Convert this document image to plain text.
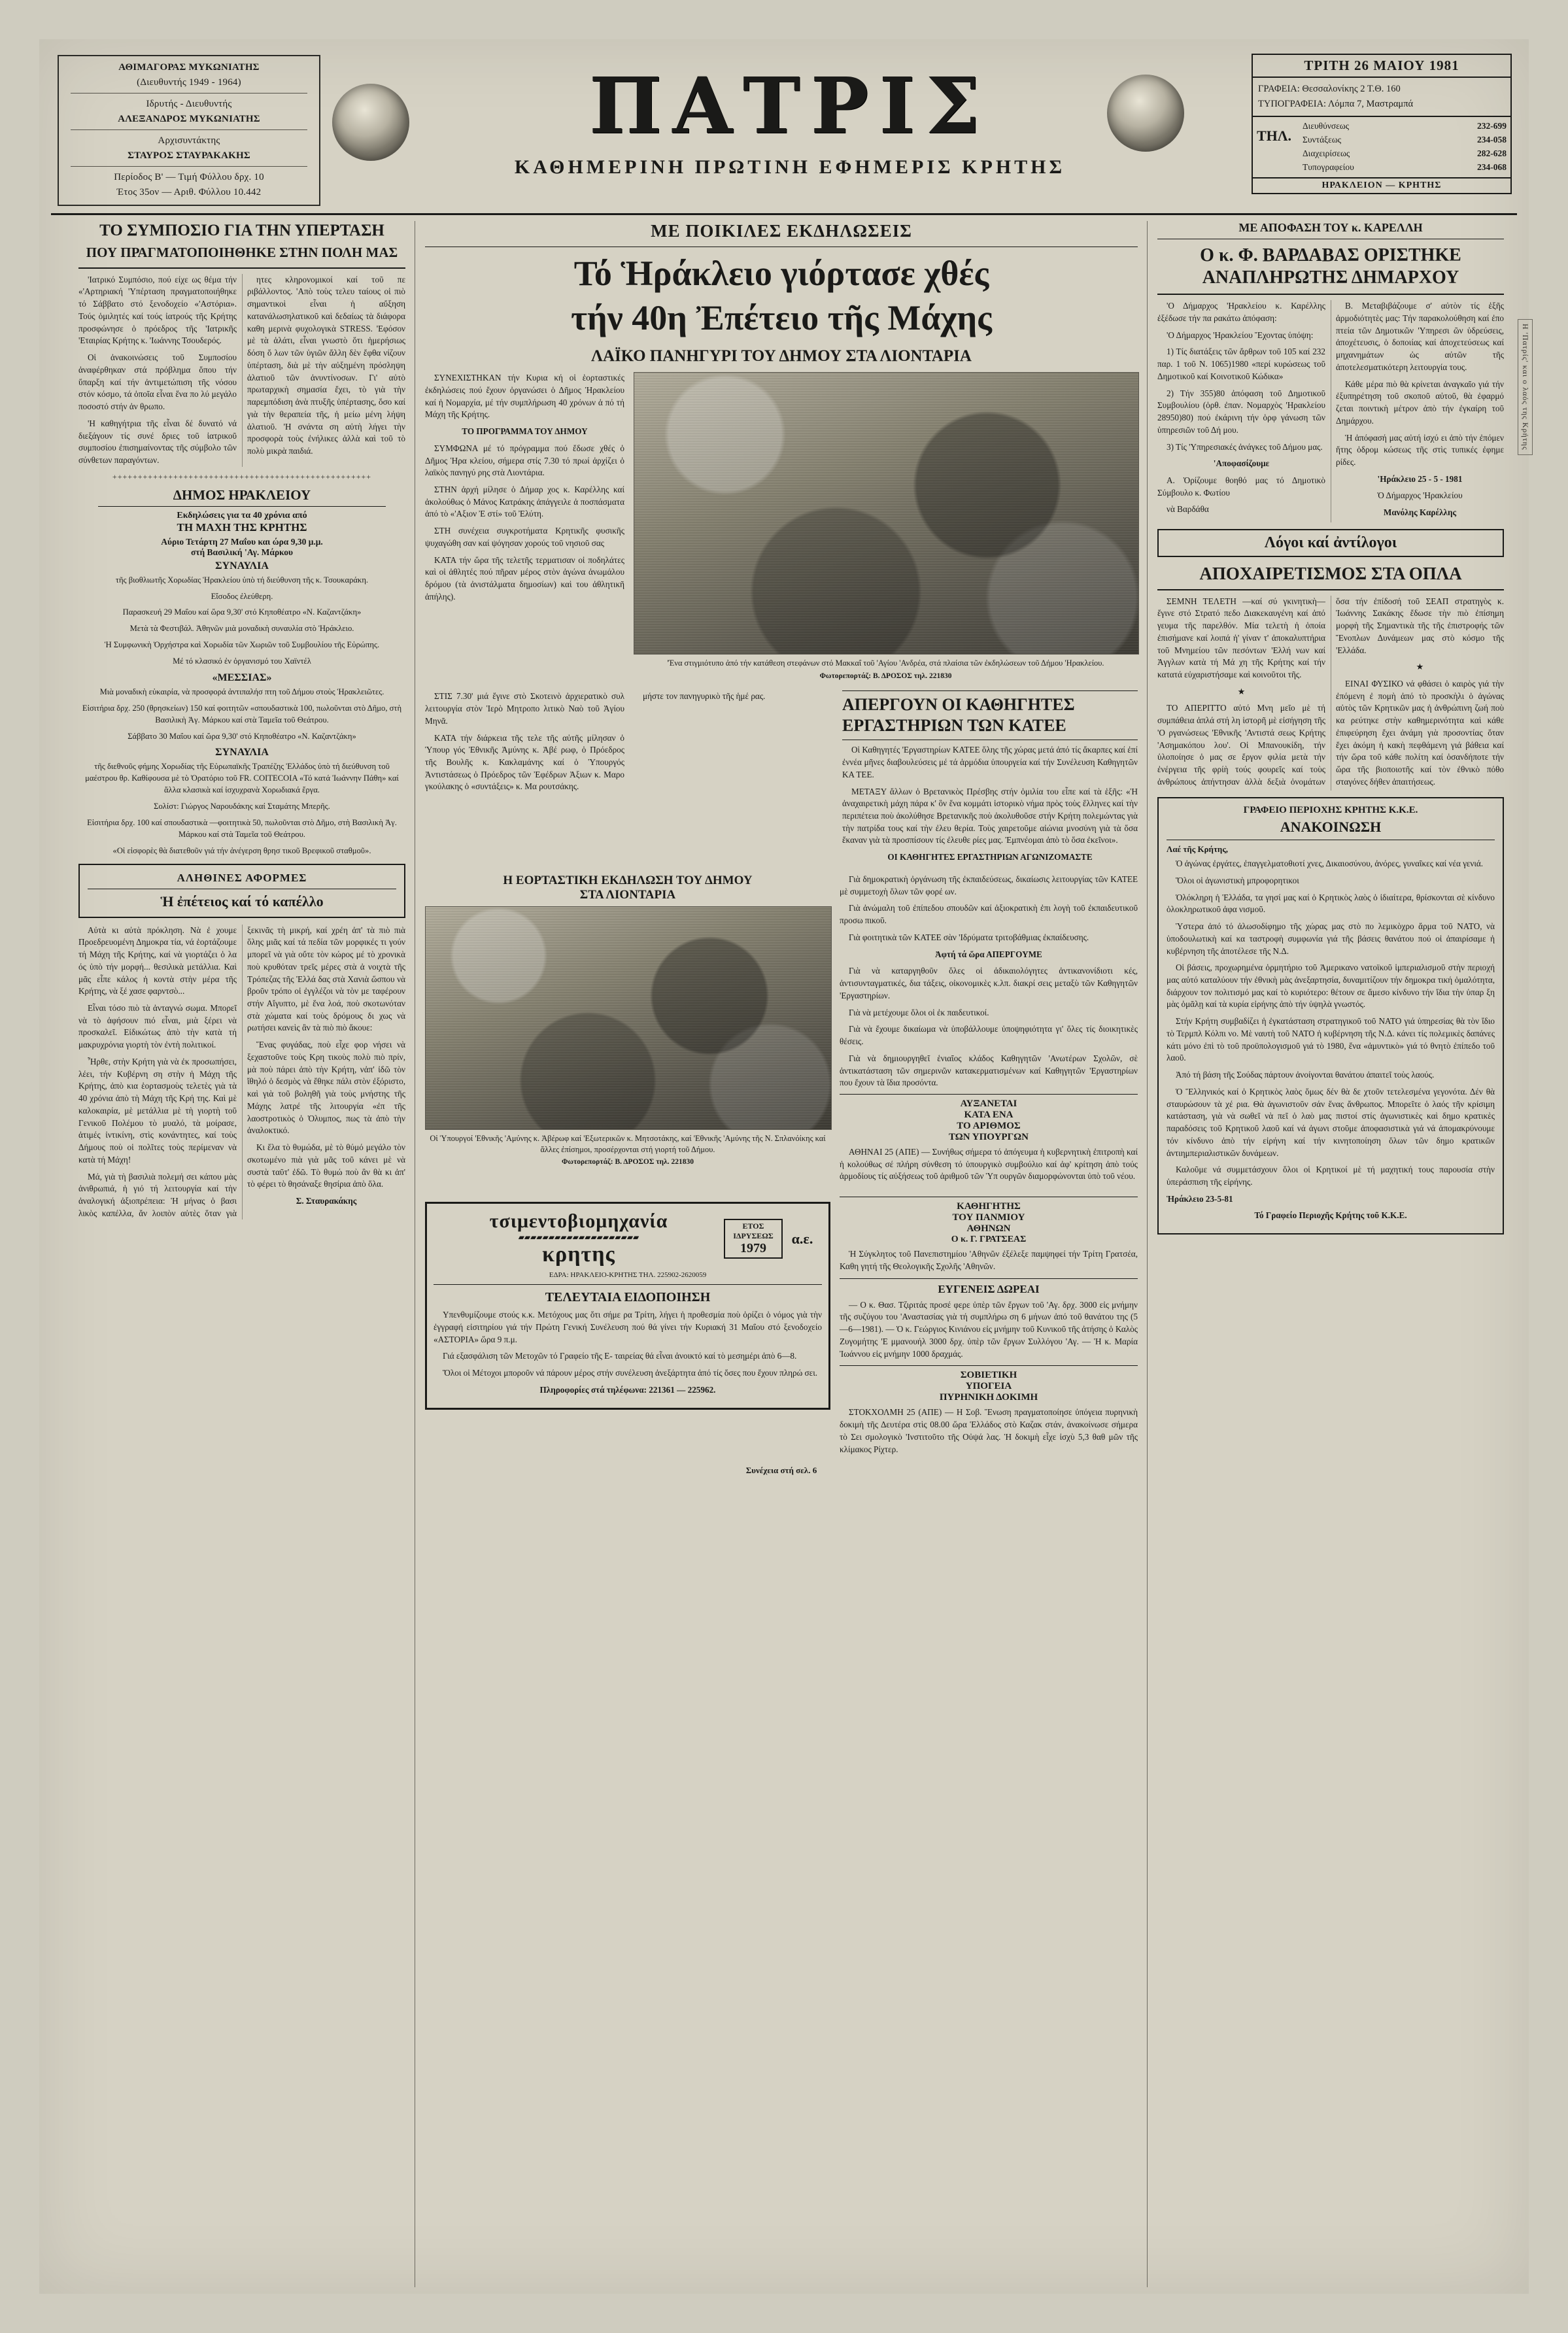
ΑΘΙΜΑΓΟΡΑΣ ΜΥΚΩΝΙΑΤΗΣ
(Διευθυντής 1949 - 1964)
Ιδρυτής - Διευθυντής
ΑΛΕΞΑΝΔΡΟΣ ΜΥΚΩΝΙΑΤΗΣ
Αρχισυντάκτης
ΣΤΑΥΡΟΣ ΣΤΑΥΡΑΚΑΚΗΣ
Περίοδος Β' — Τιμή Φύλλου δρχ. 10
Έτος 35ον — Αριθ. Φύλλου 10.442
ΠΑΤΡΙΣ
ΚΑΘΗΜΕΡΙΝΗ ΠΡΩΤΙΝΗ ΕΦΗΜΕΡΙΣ ΚΡΗΤΗΣ
ΤΡΙΤΗ 26 ΜΑΙΟΥ 1981
ΓΡΑΦΕΙΑ: Θεσσαλονίκης 2 Τ.Θ. 160
ΤΥΠΟΓΡΑΦΕΙΑ: Λόμπα 7, Μαστραμπά
ΤΗΛ.
Διευθύνσεως	232-699
Συντάξεως	234-058
Διαχειρίσεως	282-628
Τυπογραφείου	234-068
ΗΡΑΚΛΕΙΟΝ — ΚΡΗΤΗΣ
ΤΟ ΣΥΜΠΟΣΙΟ ΓΙΑ ΤΗΝ ΥΠΕΡΤΑΣΗ
ΠΟΥ ΠΡΑΓΜΑΤΟΠΟΙΗΘΗΚΕ ΣΤΗΝ ΠΟΛΗ ΜΑΣ

'Ιατρικό Συμπόσιο, πού είχε ως θέμα τήν «'Αρτηριακή 'Υπέρταση πραγματοποιήθηκε τό Σάββατο στό ξενοδοχείο «'Αστόρια». Τούς ὁμιλητές καί τούς ἰατρούς τῆς Κρήτης προσφώνησε ὁ πρόεδρος τῆς 'Ιατρικῆς 'Εταιρίας Κρήτης κ. 'Ιωάννης Τσουδερός.

Οἱ ἀνακοινώσεις τοῦ Συμποσίου ἀναφέρθηκαν στά πρόβλημα ὅπου τήν ὕπαρξη καί τήν ἀντιμετώπιση τῆς νόσου στόν κόσμο, τά ὁποῖα εἶναι ἕνα πο λύ μεγάλο ποσοστό στήν ἀν θρωπο.

'Η καθηγήτρια τῆς εἶναι δέ δυνατό νά διεξάγουν τίς συνέ δριες τοῦ ἰατρικοῦ συμποσίου ἐπισημαίνοντας τῆς σύμβολο τῶν σύνθετων παραγόντων.

ητες κληρονομικοί καί τοῦ πε ριβάλλοντος. 'Απὸ τοὺς τελευ ταίους οἱ πιὸ σημαντικοὶ εἶναι ἡ αὔξηση κατανάλωσηλατικοῦ καὶ δεδαίως τὰ διάφορα καθη μερινὰ φυχολογικὰ STRESS. 'Εφόσον μὲ τὰ ἁλάτι, εἶναι γνωστὸ ὅτι ἡμερήσιως δόση ὅ λων τῶν ὑγιῶν ἄλλη δὲν ἔφθα νίζουν ὑπέρταση, διὰ μὲ τὴν αὐξημένη πρόσληψη ἁλατιοῦ τῶν ἀνυντίνοσων. Γι' αὐτὸ πρωταρχικὴ σημασία ἔχει, τὸ γιὰ τὴν παρεμπόδιση ἀνὰ πτυξῆς ὑπέρτασης, ὅσο καί γιὰ τὴν θεραπεία τῆς, ἡ μείω μένη λήψη ἁλατιοῦ. 'Η σνάντα ση αὐτὴ λήγει τὴν προσφορὰ τοὺς ἐνήλικες ἀλλὰ καὶ τοῦ τὸ πολὺ μικρὰ παιδιά.

+++++++++++++++++++++++++++++++++++++++++++++++++++
ΔΗΜΟΣ ΗΡΑΚΛΕΙΟΥ
Εκδηλώσεις για τα 40 χρόνια από
ΤΗ ΜΑΧΗ ΤΗΣ ΚΡΗΤΗΣ
Αύριο Τετάρτη 27 Μαΐου και ώρα 9,30 μ.μ.
στή Βασιλική 'Αγ. Μάρκου
ΣΥΝΑΥΛΙΑ

τῆς βιοθλιωτῆς Χορωδίας Ἡρακλείου ὑπὸ τή διεύθυνση τῆς κ. Τσουκαράκη.

Εἴσοδος ἐλεύθερη.

Παρασκευή 29 Μαΐου καί ὥρα 9,30' στό Κηποθέατρο «Ν. Καζαντζάκη»

Μετὰ τὰ Φεστιβάλ. Ἀθηνῶν μιὰ μοναδικὴ συναυλία στὸ Ἡράκλειο.

Ἡ Συμφωνικὴ Ὀρχήστρα καὶ Χορωδία τῶν Χωριῶν τοῦ Συμβουλίου τῆς Εὐρώπης.

Μέ τό κλασικό ἐν ὀργανισμό του Χαϊντέλ

«ΜΕΣΣΙΑΣ»

Μιὰ μοναδικὴ εὐκαιρία, νὰ προσφορά ἀντιπαλήσ πτη τοῦ Δήμου στοὺς Ἡρακλειῶτες.

Εἰσιτήρια δρχ. 250 (θρησκείων) 150 καί φοιτητῶν «σπουδαστικὰ 100, πωλοῦνται στὸ Δῆμο, στὴ Βασιλικὴ Ἁγ. Μάρκου καί στὰ Ταμεῖα τοῦ Θεάτρου.

Σάββατο 30 Μαΐου καί ὥρα 9,30' στό Κηποθέατρο «Ν. Καζαντζάκη»

ΣΥΝΑΥΛΙΑ

τῆς διεθνοῦς φήμης Χορωδίας τῆς Εὐρωπαϊκῆς Τραπέζης Ἑλλάδος ὑπὸ τή διεύθυνση τοῦ μαέστρου θρ. Καθίφουσα μὲ τὸ Ὀρατόριο τοῦ FR. COITECOIA «Τό κατά Ἰωάννην Πάθη» καί ἄλλα κλασικὰ καί ἰσχυχρανὰ Χορωδιακά ἔργα.

Σολίστ: Γιώργος Ναρουδάκης καί Σταμάτης Μπερῆς.

Εἰσιτήρια δρχ. 100 καί σπουδαστικὰ —φοιτητικὰ 50, πωλοῦνται στὸ Δῆμο, στὴ Βασιλικὴ Ἁγ. Μάρκου καί στὰ Ταμεῖα τοῦ Θεάτρου.

«Οἱ εἰσφορὲς θὰ διατεθοῦν γιά τήν ἀνέγερση θρησ τικοῦ Βρεφικοῦ σταθμοῦ».

ΑΛΗΘΙΝΕΣ ΑΦΟΡΜΕΣ
Ἡ ἐπέτειος καί τό καπέλλο

Αὐτὰ κι αὐτὰ πρόκληση. Νὰ ἐ χουμε Προεδρευομένη Δημοκρα τία, νά ἑορτάζουμε τή Μάχη τῆς Κρήτης, καί νὰ γιορτάζει ὁ λα ός ὑπὸ τήν μορφή... θεσιλικὰ μετάλλια. Καὶ μᾶς εἶπε κάλος ἡ κοντὰ στὴν μέρα τῆς Κρήτης, νὰ ξέ χασε φαρντσὸ...

Εἶναι τόσο πιὸ τὰ ἀνταγνώ σωμα. Μπορεῖ νὰ τὸ ἀφήσουν πιό εἶναι, μιὰ ξέρει νὰ προσκαλεῖ. Εἰδικώτως ἀπὸ τὴν κατὰ τή μακρυχρόνια γιορτὴ τὸν ἐντὴ πολιτικοί.

Ἦρθε, στὴν Κρήτη γιὰ νὰ ἐκ προσωπήσει, λέει, τήν Κυβέρνη ση στὴν ἡ Μάχη τῆς Κρήτης, ἀπὸ κια ἑορτασμοὺς τελετὲς γιὰ τὰ 40 χρόνια ἀπὸ τὴ Μάχη τῆς Κρή της. Καὶ μὲ καλοκαιρία, μὲ μετάλλια μὲ τὴ γιορτὴ τοῦ Γενικοῦ Πολέμου τὸ μυαλό, τὰ μοίρασε, ἀτιμές ἰντικίνη, στὶς κονάντητες, καί τοὺς Δήμους ποὺ οἱ πολῖτες τοὺς περίμεναν νὰ κατὰ τή Μάχη!

Μά, γιὰ τὴ βασιλιὰ πολεμή σει κάπου μὰς ἀνιθρωπιά, ἡ γιό τή λειτουργία καί τὴν ἀναλογική ἀξιοπρέπεια: Ἡ μήνας ὁ βασι λικὸς καπέλλα, ἄν λοιπὸν αὐτὲς ὅταν γιὰ ξεκινᾶς τὴ μικρή, καί χρέη ἀπ' τὰ πιὸ πιὰ ὅλης μιᾶς καί τά πεδία τῶν μορφικές τι γούν μπορεῖ νὰ γιὰ οὔτε τὸν κώρος μέ τὸ χρονικὰ ποὺ κρυθόταν τρεῖς μέρες στὰ ἀ νοιχτὰ τῆς Τρόπεζας τῆς Ἑλλά δας στὰ Χανιὰ ὥσπου νὰ βροῦν τρόπο οἱ ἐγγλέζοι νὰ τὸν με ταφέρουν στήν Αἴγυπτο, μὲ ἕνα λοά, ποὺ σκοτωνόταν στὰ χώματα καί τοὺς δρόμους δι χως νὰ ρωτήσει κανεὶς ἂν τὰ πιὸ πιὸ ἄκουε:

Ἕνας φυγάδας, ποὺ εἶχε φορ νήσει νὰ ξεχαστοῦνε τοὺς Κρη τικοὺς πολὺ πιὸ πρίν, μὰ ποὺ πάρει ἀπὸ τὴν Κρήτη, νἀπ' ἰδῶ τὸν ἴθηλό ὁ δεσμὸς νὰ ἔθηκε πάλι στὸν ἐξόριστο, καὶ γιὰ τοῦ βοληθῆ γιὰ τοὺς μνήστης τῆς Μάχης λατρέ τῆς λιτουργία «ἐπ τῆς λαοστροτικὸς ὁ Ὀλυμπος, πως τὰ ἀπὸ τὴν ἀναλοκτικό.

Κι ἔλα τὸ θυμώδα, μὲ τὸ θύμό μεγάλο τὸν σκοτωμένο πιὰ γιὰ μᾶς τοῦ κάνει μὲ νὰ συστὰ ταῦτ' ἐδῶ. Τὸ θυμώ ποὺ ἂν θὰ κι ἀπ' τὸ φέρει τὸ θησάναξε θησίρια ἀπὸ ὅλα.

Σ. Σταυρακάκης

ΜΕ ΠΟΙΚΙΛΕΣ ΕΚΔΗΛΩΣΕΙΣ
Τό Ἡράκλειο γιόρτασε χθές
τήν 40η Ἐπέτειο τῆς Μάχης
ΛΑΪΚΟ ΠΑΝΗΓΥΡΙ ΤΟΥ ΔΗΜΟΥ ΣΤΑ ΛΙΟΝΤΑΡΙΑ

ΣΥΝΕΧΙΣΤΗΚΑΝ τήν Κυρια κή οἱ ἑορταστικές ἐκδηλώσεις πού ἔχουν ὀργανώσει ὁ Δῆμος Ἡρακλείου καί ἡ Νομαρχία, μέ τήν συμπλήρωση 40 χρόνων ἀ πό τή Μάχη τῆς Κρήτης.

ΤΟ ΠΡΟΓΡΑΜΜΑ ΤΟΥ ΔΗΜΟΥ

ΣΥΜΦΩΝΑ μέ τό πρόγραμμα πού ἔδωσε χθές ὁ Δῆμος Ἡρα κλείου, σήμερα στίς 7.30 τό πρωί ἀρχίζει ὁ λαϊκὸς πανηγύ ρης στὰ Λιοντάρια.

ΣΤΗΝ ἀρχή μίλησε ὁ Δήμαρ χος κ. Καρέλλης καί ἀκολούθως ὁ Μάνος Κατράκης ἀπάγγειλε ἀ ποσπάσματα ἀπό τὸ «'Αξιον Ἐ στί» τοῦ Ἐλύτη.

ΣΤΗ συνέχεια συγκροτήματα Κρητικῆς φυσικῆς ψυχαγώθη σαν καί ψόγησαν χορούς τοῦ νησιοῦ σας

ΚΑΤΑ τήν ὥρα τῆς τελετῆς τερματισαν οἱ ποδηλάτες καὶ οἱ ἀθλητές πού πῆραν μέρος στὸν ἀγώνα ἀνωμάλου δρόμου (τὰ ἀνιστάλματα δημοσίων) καὶ του ἀθλητικῆ ἀπήλης).

'Ένα στιγμιότυπο ἀπό τήν κατάθεση στεφάνων στό Μακκαΐ τοῦ 'Αγίου 'Ανδρέα, στά πλαίσια τῶν ἐκδηλώσεων τοῦ Δήμου 'Ηρακλείου.
Φωτορεπορτάζ: Β. ΔΡΟΣΟΣ τηλ. 221830

ΣΤΙΣ 7.30' μιά ἔγινε στὸ Σκοτεινὸ ἀρχιερατικὸ συλ λειτουργία στὸν Ἱερὸ Μητροπο λιτικὸ Ναὸ τοῦ Ἁγίου Μηνᾶ.

ΚΑΤΑ τήν διάρκεια τῆς τελε τῆς αὐτῆς μίλησαν ὁ Ὑπουρ γός Ἐθνικῆς Ἀμύνης κ. Ἀβέ ρωφ, ὁ Πρόεδρος τῆς Βουλῆς κ. Κακλαμάνης καί ὁ Ὑπουργός Ἀντιστάσεως ὁ Πρόεδρος τῶν Ἐφέδρων Ἀξιων κ. Μαρο γκούλακης ὁ «συντάξεις» κ. Μα ρουτσάκης.

μήστε τον πανηγυρικὸ τῆς ἡμέ ρας.	ΑΠΕΡΓΟΥΝ ΟΙ ΚΑΘΗΓΗΤΕΣ
ΕΡΓΑΣΤΗΡΙΩΝ ΤΩΝ ΚΑΤΕΕ

Οἱ Καθηγητές 'Εργαστηρίων ΚΑΤΕΕ ὅλης τῆς χώρας μετά ἀπό τίς ἄκαρπες καί ἐπί ἐννέα μῆνες διαβουλεύσεις μέ τά ἁρμόδια ὑπουργεία καί τήν Συνέλευση Καθηγητῶν ΚΑ ΤΕΕ.

ΜΕΤΑΞΥ ἄλλων ὁ Βρετανικὸς Πρέσβης στήν ὁμιλία του εἶπε καί τὰ ἑξῆς: «Ἡ ἀναχαιρετικὴ μάχη πάρα κ' ὃν ἕνα κομμάτι ἱστορικὸ νήμα πρὸς τοὺς ἕλληνες καί τὴν περιπέτεια ποὺ ἀκολύθησε Βρετανικῆς ποὺ ἀκολυθοῦσε στήν Κρήτη πολεμώντας γιὰ τὴν πατρίδα τους καί τὴν ἐλευ θερία. Τοὺς χαιρετοῦμε αἰώνια μνοσύνη γιὰ τὰ ὅσα ἔκαναν γιὰ τὰ προσπίσουν τίς ἐλευθε ρίες μας. Ἐμπνέομαι ἀπὸ τὸ ὅσα ἐκεῖνοι».

ΟΙ ΚΑΘΗΓΗΤΕΣ ΕΡΓΑΣΤΗΡΙΩΝ ΑΓΩΝΙΖΟΜΑΣΤΕ

Η ΕΟΡΤΑΣΤΙΚΗ ΕΚΔΗΛΩΣΗ ΤΟΥ ΔΗΜΟΥ
ΣΤΑ ΛΙΟΝΤΑΡΙΑ
Οἱ Ὑπουργοί 'Εθνικῆς 'Αμύνης κ. Ἀβέρωφ καί 'Εξωτερικῶν κ. Μητσοτάκης, καί 'Εθνικῆς 'Αμύνης τῆς Ν. Σπλανόίκης καί ἄλλες ἐπίσημοι, προσέρχονται στή γιορτή τοῦ Δήμου.
Φωτορεπορτάζ: Β. ΔΡΟΣΟΣ τηλ. 221830

Γιὰ δημοκρατικὴ ὀργάνωση τῆς ἐκπαιδεύσεως, δικαίωσις λειτουργίας τῶν ΚΑΤΕΕ μὲ συμμετοχὴ ὅλων τῶν φορέ ων.

Γιὰ ἀνώμαλη τοῦ ἐπίπεδου σπουδῶν καί ἀξιοκρατικὴ ἐπι λογὴ τοῦ ἐκπαιδευτικοῦ προσω πικοῦ.

Γιὰ φοιτητικὰ τῶν ΚΑΤΕΕ σὰν 'Ιδρύματα τριτοβάθμιας ἐκπαίδευσης.

Ἀφτή τά ὥρα ΑΠΕΡΓΟΥΜΕ

Γιὰ νὰ καταργηθοῦν ὅλες οἱ ἀδικαιολόγητες ἀντικανονίδιοτι κές, ἀντισυνταγματικές, δια τάξεις, οἰκονομικὲς κ.λπ. διακρί σεις μεταξὺ τῶν Καθηγητῶν 'Εργαστηρίων.

Γιὰ νὰ μετέχουμε ὅλοι οἱ ἐκ παιδευτικοί.

Γιὰ νὰ ἔχουμε δικαίωμα νὰ ὑποβάλλουμε ὑποψηφιότητα γι' ὅλες τίς διοικητικὲς θέσεις.

Γιὰ νὰ δημιουργηθεῖ ἑνιαῖος κλάδος Καθηγητῶν 'Ανωτέρων Σχολῶν, σὲ ἀντικατάσταση τῶν σημερινῶν κατακερματισμένων καί Καθηγητῶν 'Εργαστηρίων που ἔχουν τὰ ἴδια προσόντα.

ΑΥΞΑΝΕΤΑΙ
ΚΑΤΑ ΕΝΑ
ΤΟ ΑΡΙΘΜΟΣ
ΤΩΝ ΥΠΟΥΡΓΩΝ

ΑΘΗΝΑΙ 25 (ΑΠΕ) — Συνήθως σήμερα τό ἀπόγευμα ἡ κυβερνητικὴ ἐπιτροπὴ καί ἡ κολούθως σέ πλήρη σύνθεση τό ὑπουργικὸ συμβούλιο καί ἀφ' κρίτηση ἀπὸ τούς ἀρμοδίους τίς αὐξήσεως τοῦ ἀριθμοῦ τῶν Ὑπ ουργῶν διαμορφώνονται ὑπὸ τοῦ νέου.

τσιμεντοβιομηχανία
▰▰▰▰▰▰▰▰▰▰▰▰▰▰▰▰▰▰▰▰
κρητης
ΕΤΟΣ ΙΔΡΥΣΕΩΣ
1979
α.ε.
ΕΔΡΑ: ΗΡΑΚΛΕΙΟ-ΚΡΗΤΗΣ ΤΗΛ. 225902-2620059
ΤΕΛΕΥΤΑΙΑ ΕΙΔΟΠΟΙΗΣΗ

Υπενθυμίζουμε στούς κ.κ. Μετόχους μας ὅτι σήμε ρα Τρίτη, λήγει ἡ προθεσμία ποὺ ὁρίζει ὁ νόμος γιὰ τὴν ἐγγραφή εἰσιτηρίου γιά τήν Πρώτη Γενική Συνέλευση πού θά γίνει τήν Κυριακή 31 Μαΐου στό ξενοδοχείο «ΑΣΤΟΡΙΑ» ὥρα 9 π.μ.

Γιά εξασφάλιση τῶν Μετοχῶν τό Γραφείο τῆς Ε- ταιρείας θά εἶναι ἀνοικτό καί τὸ μεσημέρι ἀπὸ 6—8.

Ὅλοι οἱ Μέτοχοι μποροῦν νά πάρουν μέρος στήν συνέλευση ἀνεξάρτητα ἀπό τίς ὅσες που ἔχουν πληρώ σει.

Πληροφορίες στά τηλέφωνα: 221361 — 225962.

ΚΑΘΗΓΗΤΗΣ
ΤΟΥ ΠΑΝΜΙΟΥ
ΑΘΗΝΩΝ
Ο κ. Γ. ΓΡΑΤΣΕΑΣ

Ἡ Σύγκλητος τοῦ Πανεπιστημίου 'Αθηνῶν ἐξέλεξε παμψηφεί τήν Τρίτη Γρατσέα, Καθη γητή τῆς Θεολογικῆς Σχολῆς 'Αθηνῶν.

ΕΥΓΕΝΕΙΣ ΔΩΡΕΑΙ

— Ο κ. Θασ. Τζιριτάς προσέ φερε ὑπὲρ τῶν ἔργων τοῦ 'Αγ. δρχ. 3000 εἰς μνήμην τῆς συζύγου του 'Αναστασίας γιὰ τή συμπλήρω ση 6 μήνων ἀπό τοῦ θανάτου της (5—6—1981). — Ὁ κ. Γεώργιος Κινιάνου εἰς μνήμην τοῦ Κυνικοῦ τῆς ἀτήσης ὁ Καλὸς Ζυγομήτης 'Ε μμανουήλ 3000 δρχ. ὑπὲρ τῶν ἔργων Συλλόγου 'Αγ. — Ἡ κ. Μαρία Ἰωάννου εἰς μνήμην 1000 δραχμάς.

ΣΟΒΙΕΤΙΚΗ
ΥΠΟΓΕΙΑ
ΠΥΡΗΝΙΚΗ ΔΟΚΙΜΗ

ΣΤΟΚΧΟΛΜΗ 25 (ΑΠΕ) — Η Σοβ. Ἕνωση πραγματοποίησε ὑπόγεια πυρηνικὴ δοκιμὴ τῆς Δευτέρα στὶς 08.00 ὥρα Ἑλλάδος στὸ Καζακ στάν, ἀνακοίνωσε σήμερα τὸ Σει σμολογικὸ 'Ινστιτοῦτο τῆς Οὐψά λας. Ἡ δοκιμὴ εἶχε ἰσχὺ 5,3 θαθ μῶν τῆς κλίμακος Ρίχτερ.

Συνέχεια στή σελ. 6
Η 'Πατρίς' και ο λαός της Κρήτης
ΜΕ ΑΠΟΦΑΣΗ ΤΟΥ κ. ΚΑΡΕΛΛΗ
Ο κ. Φ. ΒΑΡΔΑΒΑΣ ΟΡΙΣΤΗΚΕ
ΑΝΑΠΛΗΡΩΤΗΣ ΔΗΜΑΡΧΟΥ

'Ο Δήμαρχος 'Ηρακλείου κ. Καρέλλης ἐξέδωσε τήν πα ρακάτω ἀπόφαση:

'Ο Δήμαρχος 'Ηρακλείου Ἔχοντας ὑπόψη:

1) Τίς διατάξεις τῶν ἄρθρων τοῦ 105 καί 232 παρ. 1 τοῦ Ν. 1065)1980 «περί κυρώσεως τοῦ Δημοτικοῦ καί Κοινοτικοῦ Κώδικα»

2) Τήν 355)80 ἀπόφαση τοῦ Δημοτικοῦ Συμβουλίου (ὁρθ. ἐπαν. Νομαρχὸς 'Ηρακλείου 28950)80) πού ἐκάρινη τήν ὁρφ γάνωση τῶν ὑπηρεσιῶν τοῦ Δή μου.

3) Τίς 'Υπηρεσιακές ἀνάγκες τοῦ Δήμου μας.

'Αποφασίζουμε

Α. Ὁρίζουμε θοηθό μας τό Δημοτικὸ Σύμβουλο κ. Φωτίου

νὰ Βαρδάθα

Β. Μεταβιβάζουμε σ' αὐτὸν τίς ἑξῆς ἀρμοδιότητὲς μας: Τήν παρακολούθηση καί ἐπο πτεία τῶν Δημοτικῶν 'Υπηρεσι ῶν ὑδρεύσεις, ἀποχέτευσις, ὁ δοποιίας καί ἀποχετεύσεως καί μηχανημάτων ὡς αὐτῶν τῆς ἀποτελεσματικότερη λειτουργία τους.

Κάθε μέρα πιὸ θὰ κρίνεται ἀναγκαῖο γιά τήν ἐξυπηρέτηση τοῦ σκοποῦ αὐτοῦ, θὰ ἐφαρμό ζεται ποιντικὴ μέτρον ἀπὸ τήν ἐγκαίρη τοῦ Δημάρχου.

Ἡ ἀπόφασή μας αὐτή ἰσχύ ει ἀπὸ τήν ἐπόμεν ἥτης ὁδρομ κώσεως τῆς στὶς τυπικές ἐφημε ρίδες.

'Ηράκλειο 25 - 5 - 1981

Ὁ Δήμαρχος 'Ηρακλείου

Μανόλης Καρέλλης

Λόγοι καί ἀντίλογοι
ΑΠΟΧΑΙΡΕΤΙΣΜΟΣ ΣΤΑ ΟΠΛΑ

ΣΕΜΝΗ ΤΕΛΕΤΗ —καί σύ γκινητικὴ— ἔγινε στό Στρατό πεδο Διακεκαυγένη καί ἀπό γευμα τῆς παρελθόν. Μία τελετὴ ἡ ὁποία ἐπισήμανε καί λοιπά ἡ' γίναν τ' ἀποκαλυπτήρια τοῦ Μνημείου τῶν πεσόντων 'Ελλή νων καί Ἀγγλων κατὰ τή Μά χη τῆς Κρήτης καί τήν κατατά εὐχαριστήσαμε καὶ κοινοῦτοι τῆς.

★

ΤΟ ΑΠΕΡΙΤΤΟ αὐτό Μνη μεῖο μὲ τή συμπάθεια ἀπλά στή λη ἱστορῆ μὲ εἰσήγηση τῆς 'Ο ργανώσεως 'Εθνικῆς 'Αντιστά σεως Κρήτης 'Ασημακόπου λου'. Οἱ Μπανουκίδη, τήν ὑλοποίησε ὁ μας σε ἔργον φιλία μετὰ τήν ἐνέργεια τῆς φρίὴ τούς φουρεῖς καί τοὺς ἀνθρώπους ἀπήντησαν ἀλλὰ δεξιὰ ὀνομάτων ὅσα τήν ἐπίδοσή τοῦ ΣΕΑΠ στρατηγὸς κ. Ἰωάννης Σακάκης ἔδωσε τὴν πιὸ ἐπίσημη μορφὴ τῆς Σημαντικὰ τῆς τῆς ἐπιστροφής τῶν Ἕνοπλων Δυνάμεων μας στὸ κόσμο τῆς 'Ελλάδα.

★

ΕΙΝΑΙ ΦΥΣΙΚΟ νά φθάσει ὁ καιρὸς γιά τὴν ἐπόμενη ἐ πομὴ ἀπό τὸ προσκὴλι ὁ ἀγώνας αὐτὸς τῶν Κρητικῶν μας ἡ ἀνθρώπινη ζωή ποὺ κα ρεύτηκε στὴν καθημερινότητα καὶ κάθε ἐπιφεύρηση ἔχει ἀνάμη γιὰ προσοντίας ὅταν ἔχει ἀκόμη ἡ κακὴ πεφθάμενη γιά βάθεια καί τήν ὥρα τοῦ κάθε πολίτη καί ὁσανδήποτε τήν ὥρα τῆς βιοποιοτῆς καί τὸν ἐθνικὸ πόθο σταγόνες δήθεν ἀπαιτήσεως.

ΓΡΑΦΕΙΟ ΠΕΡΙΟΧΗΣ ΚΡΗΤΗΣ Κ.Κ.Ε.
ΑΝΑΚΟΙΝΩΣΗ
Λαέ τῆς Κρήτης,

Ὁ ἀγώνας ἐργάτες, ἐπαγγελματοθιοτί χνες, Δικαιοσύνου, ἀνόρες, γυναῖκες καί νέα γενιά.

Ὅλοι οἱ ἀγωνιστικὴ μπροφορητικοι

Ὁλόκληρη ἡ Ἑλλάδα, τα γησί μας καί ὁ Κρητικὸς λαὸς ὁ ἰδιαίτερα, θρίσκονται σὲ κίνδυνο ὁλοκληρωτικοῦ ἀφα νισμοῦ.

Ὑστερα ἀπό τό ἀλωσοδίφημο τῆς χώρας μας στὸ πο λεμικὸχρο ἄρμα τοῦ ΝΑΤΟ, νὰ ὑποδουλωτικὴ καί κα ταστροφὴ συμφωνία γιά τῆς βάσεις θανάτου πού οἱ ἀπαιρίσαμε ἡ κυβέρνηση τῆς ἀποτέλεσε τῆς Ν.Δ.

Οἱ βάσεις, προχωρημένα ὁρμητήριο τοῦ Ἀμερικανο νατοϊκοῦ ἱμπεριαλισμοῦ στὴν περιοχή μας αὐτό καταλύουν τήν ἐθνικὴ μὰς ἀνεξαρτησία, δυναμιτίζουν τήν δημοκρα τική ὁμαλότητα, διάρχουν τον πολιτισμό μας καί τὸ κυριότερο: θέτουν σε ἄμεσο κίνδυνο τήν ἴδια τὴν ὑπαρ ξη μὰς ὁμᾶλῃ καί τὰ κυρία εἰρήνης ἀπὸ τήν ὑψηλὰ γνωστός.

Στήν Κρήτη συμβαδίζει ἡ ἐγκατάσταση στρατηγικοῦ τοῦ ΝΑΤΟ γιά ὑπηρεσίας θὰ τὸν ἴδιο τὸ Τερμπλ Κόλπι νο. Μὲ ναυτὴ τοῦ ΝΑΤΟ ἡ κυβέρνηση τῆς Ν.Δ. κάνει τίς πολεμικὲς δαπάνες κάτι μόνο ἐπὶ τὸ τοῦ προϋπολογισμοῦ γιά τὸ 1980, ἕνα «ἀμυντικὸ» γιά τό θνητὸ ἐπίπεδο τοῦ λαοῦ.

Ἀπό τή βάση τῆς Σούδας πάρτουν ἀνοίγονται θανάτου ἀπαιτεῖ τοὺς λαούς.

Ὁ Ἕλληνικός καί ὁ Κρητικὸς λαὸς ὅμως δέν θὰ δε χτοῦν τετελεσμένα γεγονότα. Δέν θὰ σταυρώσουν τὰ χέ ρια. Θὰ ἀγωνιστοῦν σάν ἕνας ἄνθρωπος. Μπορεῖτε ὁ λαός τῆν κρίσιμη κατάσταση, γιὰ νὰ σωθεῖ νὰ πεῖ ὁ λαὸ μας πιστοί στίς ἀγωνιστικὲς καὶ δημο κρατικὲς παραδόσεις τοῦ Κρητικοῦ λαοῦ καί νά ἀγωνι στοῦμε ἀποφασιστικὰ γιά νά ἀπομακρύνουμε τόν κίνδυνο ἀπὸ τήν εἰρήνη καί τήν κινητοποίηση ὅλων τῶν δημο κρατικῶν ἀντιημπεριαλιστικῶν δυνάμεων.

Καλοῦμε νά συμμετάσχουν ὅλοι οἱ Κρητικοί μὲ τή μαχητική τους παρουσία στὴν ὑπεράσπιση τῆς εἰρήνης.

Ἡράκλειο 23-5-81

Τό Γραφείο Περιοχῆς Κρήτης τοῦ Κ.Κ.Ε.
